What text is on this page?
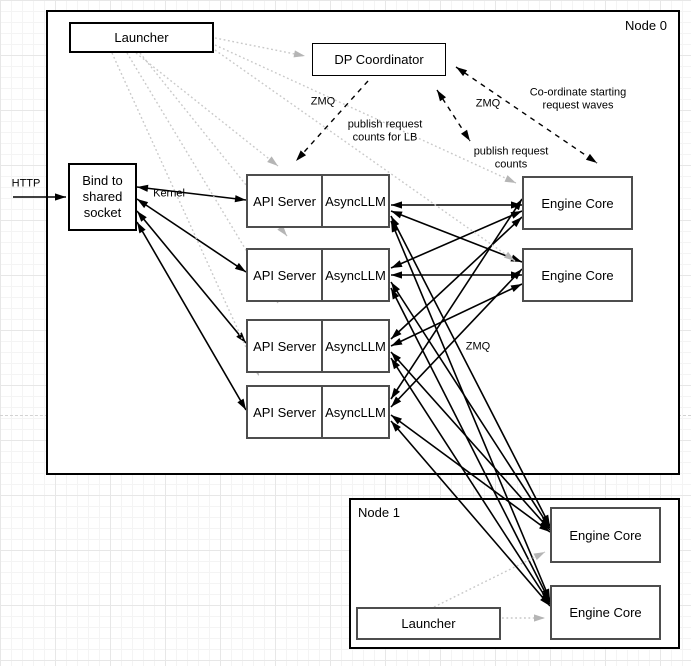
Node 0
Node 1
Launcher
DP Coordinator
Bind to
shared
socket
API Server AsyncLLM
API Server AsyncLLM
API Server AsyncLLM
API Server AsyncLLM
Engine Core
Engine Core
Engine Core
Engine Core
Launcher
HTTP
Kernel
ZMQ
publish request counts for LB
ZMQ
Co-ordinate starting request waves
publish request counts
ZMQ
